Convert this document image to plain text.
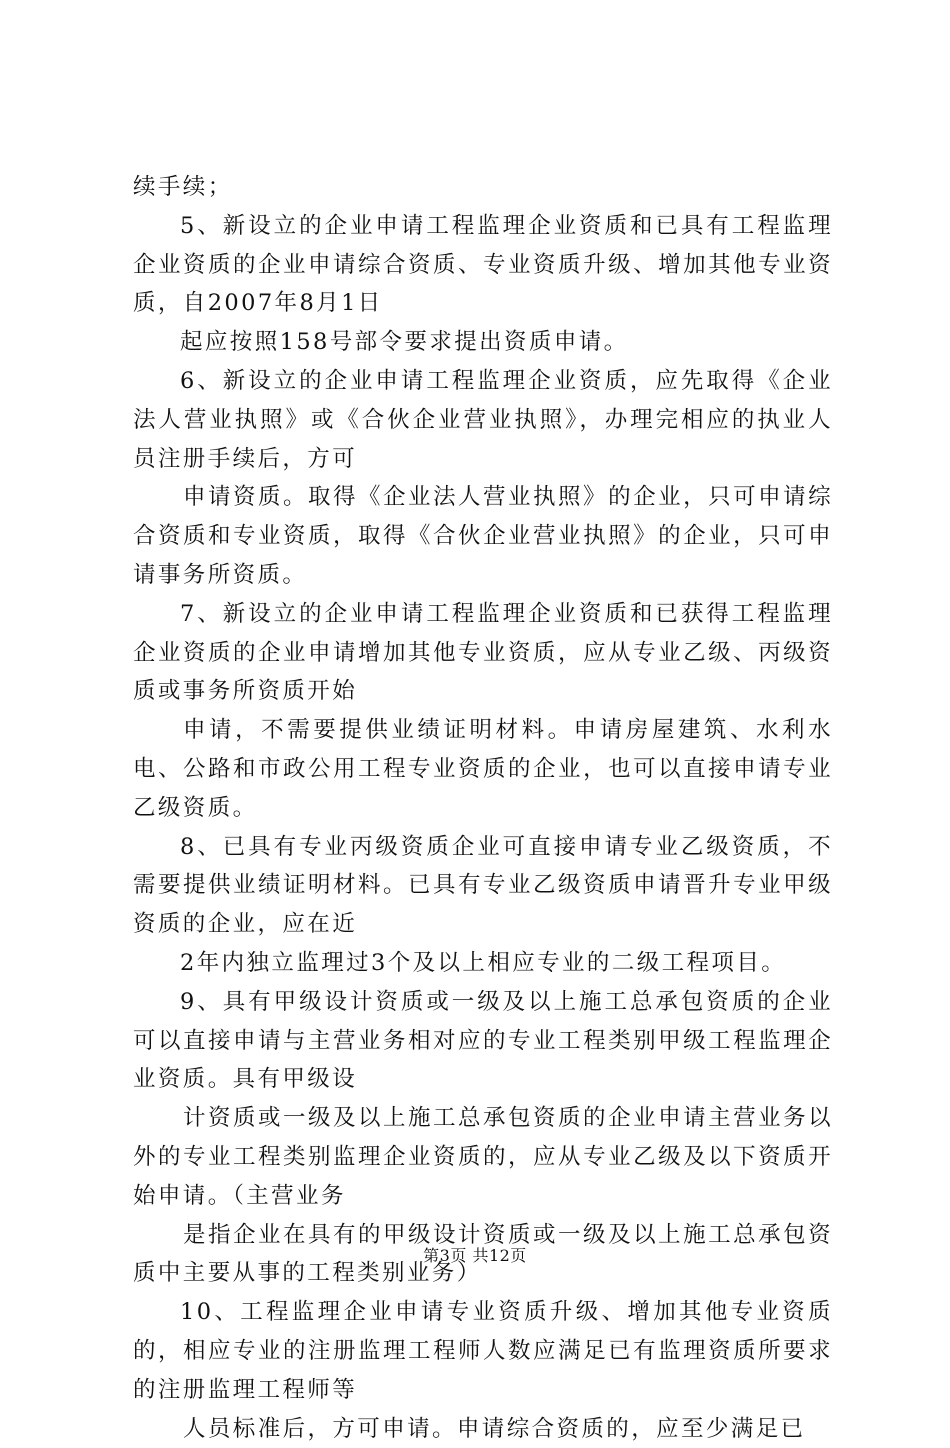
续手续；

5、新设立的企业申请工程监理企业资质和已具有工程监理企业资质的企业申请综合资质、专业资质升级、增加其他专业资质，自2007年8月1日

起应按照158号部令要求提出资质申请。

6、新设立的企业申请工程监理企业资质，应先取得《企业法人营业执照》或《合伙企业营业执照》，办理完相应的执业人员注册手续后，方可

申请资质。取得《企业法人营业执照》的企业，只可申请综合资质和专业资质，取得《合伙企业营业执照》的企业，只可申请事务所资质。

7、新设立的企业申请工程监理企业资质和已获得工程监理企业资质的企业申请增加其他专业资质，应从专业乙级、丙级资质或事务所资质开始

申请，不需要提供业绩证明材料。申请房屋建筑、水利水电、公路和市政公用工程专业资质的企业，也可以直接申请专业乙级资质。

8、已具有专业丙级资质企业可直接申请专业乙级资质，不需要提供业绩证明材料。已具有专业乙级资质申请晋升专业甲级资质的企业，应在近

2年内独立监理过3个及以上相应专业的二级工程项目。

9、具有甲级设计资质或一级及以上施工总承包资质的企业可以直接申请与主营业务相对应的专业工程类别甲级工程监理企业资质。具有甲级设

计资质或一级及以上施工总承包资质的企业申请主营业务以外的专业工程类别监理企业资质的，应从专业乙级及以下资质开始申请。（主营业务

是指企业在具有的甲级设计资质或一级及以上施工总承包资质中主要从事的工程类别业务）

10、工程监理企业申请专业资质升级、增加其他专业资质的，相应专业的注册监理工程师人数应满足已有监理资质所要求的注册监理工程师等

人员标准后，方可申请。申请综合资质的，应至少满足已

第3页 共12页
